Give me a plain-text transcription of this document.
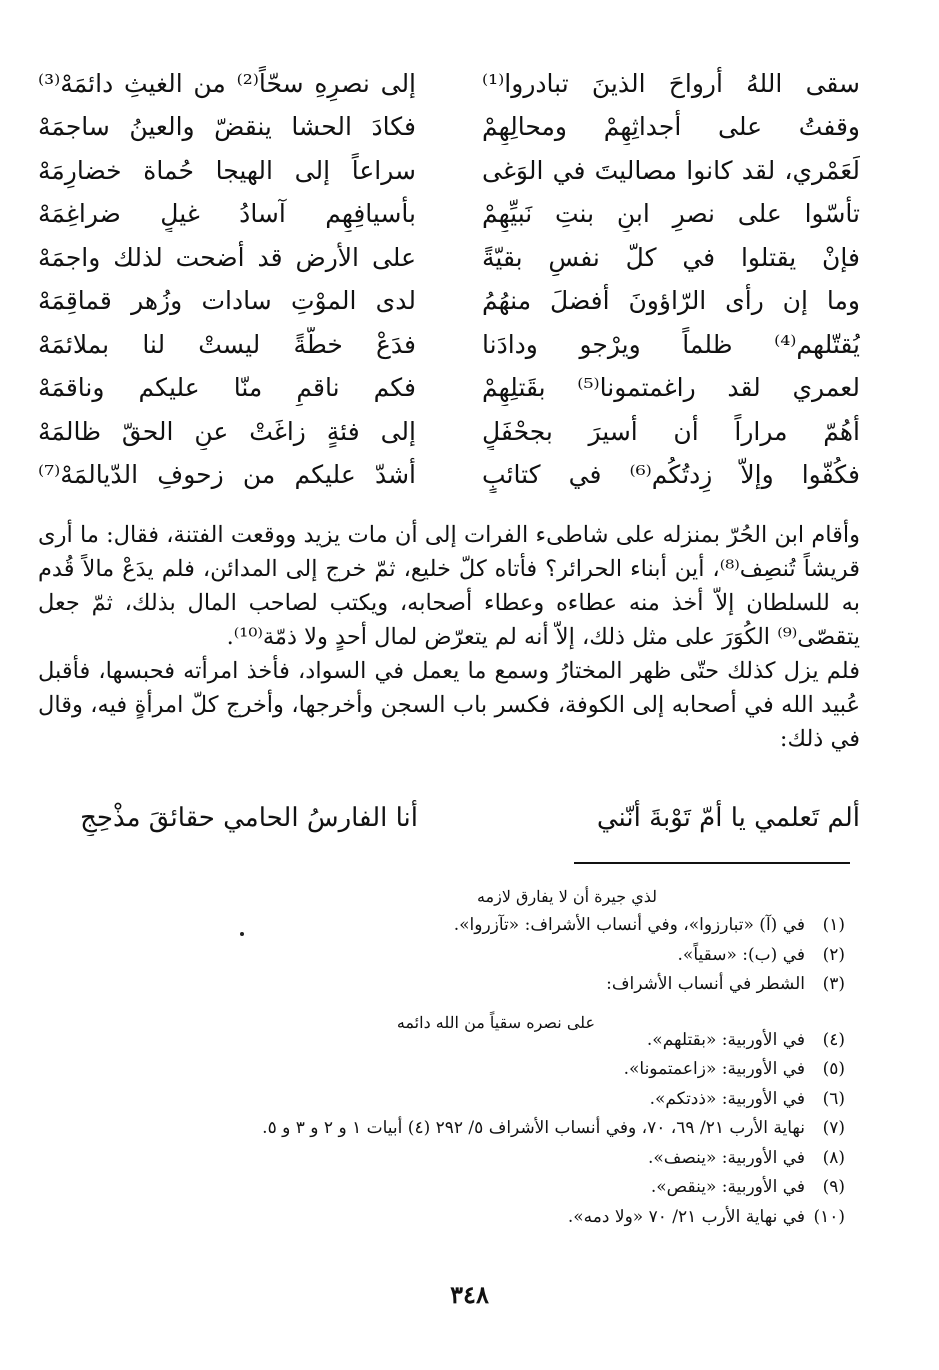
سقى اللهُ أرواحَ الذينَ تبادروا⁽¹⁾
إلى نصرِهِ سحّاً⁽²⁾ من الغيثِ دائمَهْ⁽³⁾
وقفتُ على أجداثِهِمْ ومحالِهِمْ
فكادَ الحشا ينقضّ والعينُ ساجمَهْ
لَعَمْري، لقد كانوا مصاليتَ في الوَغى
سراعاً إلى الهيجا حُماة خضارِمَهْ
تأسّوا على نصرِ ابنِ بنتِ نَبيِّهِمْ
بأسيافِهِم آسادُ غيلٍ ضراغِمَهْ
فإنْ يقتلوا في كلّ نفسٍ بقيّةً
على الأرض قد أضحت لذلك واجمَهْ
وما إن رأى الرّاؤونَ أفضلَ منهُمُ
لدى الموْتِ سادات وزُهر قماقِمَهْ
يُقتّلهم⁽⁴⁾ ظلماً ويرْجو ودادَنا
فدَعْ خطّةً ليستْ لنا بملائمَهْ
لعمري لقد راغمتمونا⁽⁵⁾ بقَتلِهِمْ
فكم ناقمٍ منّا عليكم وناقمَهْ
أهُمّ مراراً أن أسيرَ بجحْفَلٍ
إلى فئةٍ زاغَتْ عنِ الحقّ ظالمَهْ
فكُفّوا وإلاّ زِدتُكُم⁽⁶⁾ في كتائبٍ
أشدّ عليكم من زحوفِ الدّيالمَهْ⁽⁷⁾

وأقام ابن الحُرّ بمنزله على شاطىء الفرات إلى أن مات يزيد ووقعت الفتنة، فقال: ما أرى قريشاً تُنصِف⁽⁸⁾، أين أبناء الحرائر؟ فأتاه كلّ خليع، ثمّ خرج إلى المدائن، فلم يدَعْ مالاً قُدم به للسلطان إلاّ أخذ منه عطاءه وعطاء أصحابه، ويكتب لصاحب المال بذلك، ثمّ جعل يتقصّى⁽⁹⁾ الكُوَرَ على مثل ذلك، إلاّ أنه لم يتعرّض لمال أحدٍ ولا ذمّة⁽¹⁰⁾.

فلم يزل كذلك حتّى ظهر المختارُ وسمع ما يعمل في السواد، فأخذ امرأته فحبسها، فأقبل عُبيد الله في أصحابه إلى الكوفة، فكسر باب السجن وأخرجها، وأخرج كلّ امرأةٍ فيه، وقال في ذلك:

ألم تَعلمي يا أُمّ تَوْبةَ أنّني
أنا الفارسُ الحامي حقائقَ مذْحِجِ
لذي جيرة أن لا يفارق لازمه
(١)
في (آ) «تبارزوا»، وفي أنساب الأشراف: «تآزروا».
(٢)
في (ب): «سقياً».
(٣)
الشطر في أنساب الأشراف:
(٤)
في الأوربية: «بقتلهم».
(٥)
في الأوربية: «زاعمتمونا».
(٦)
في الأوربية: «ذدتكم».
(٧)
نهاية الأرب ٢١/ ٦٩، ٧٠، وفي أنساب الأشراف ٥/ ٢٩٢ (٤) أبيات ١ و ٢ و ٣ و ٥.
(٨)
في الأوربية: «ينصف».
(٩)
في الأوربية: «ينقص».
(١٠)
في نهاية الأرب ٢١/ ٧٠ «ولا دمه».
على نصره سقياً من الله دائمه
٣٤٨
